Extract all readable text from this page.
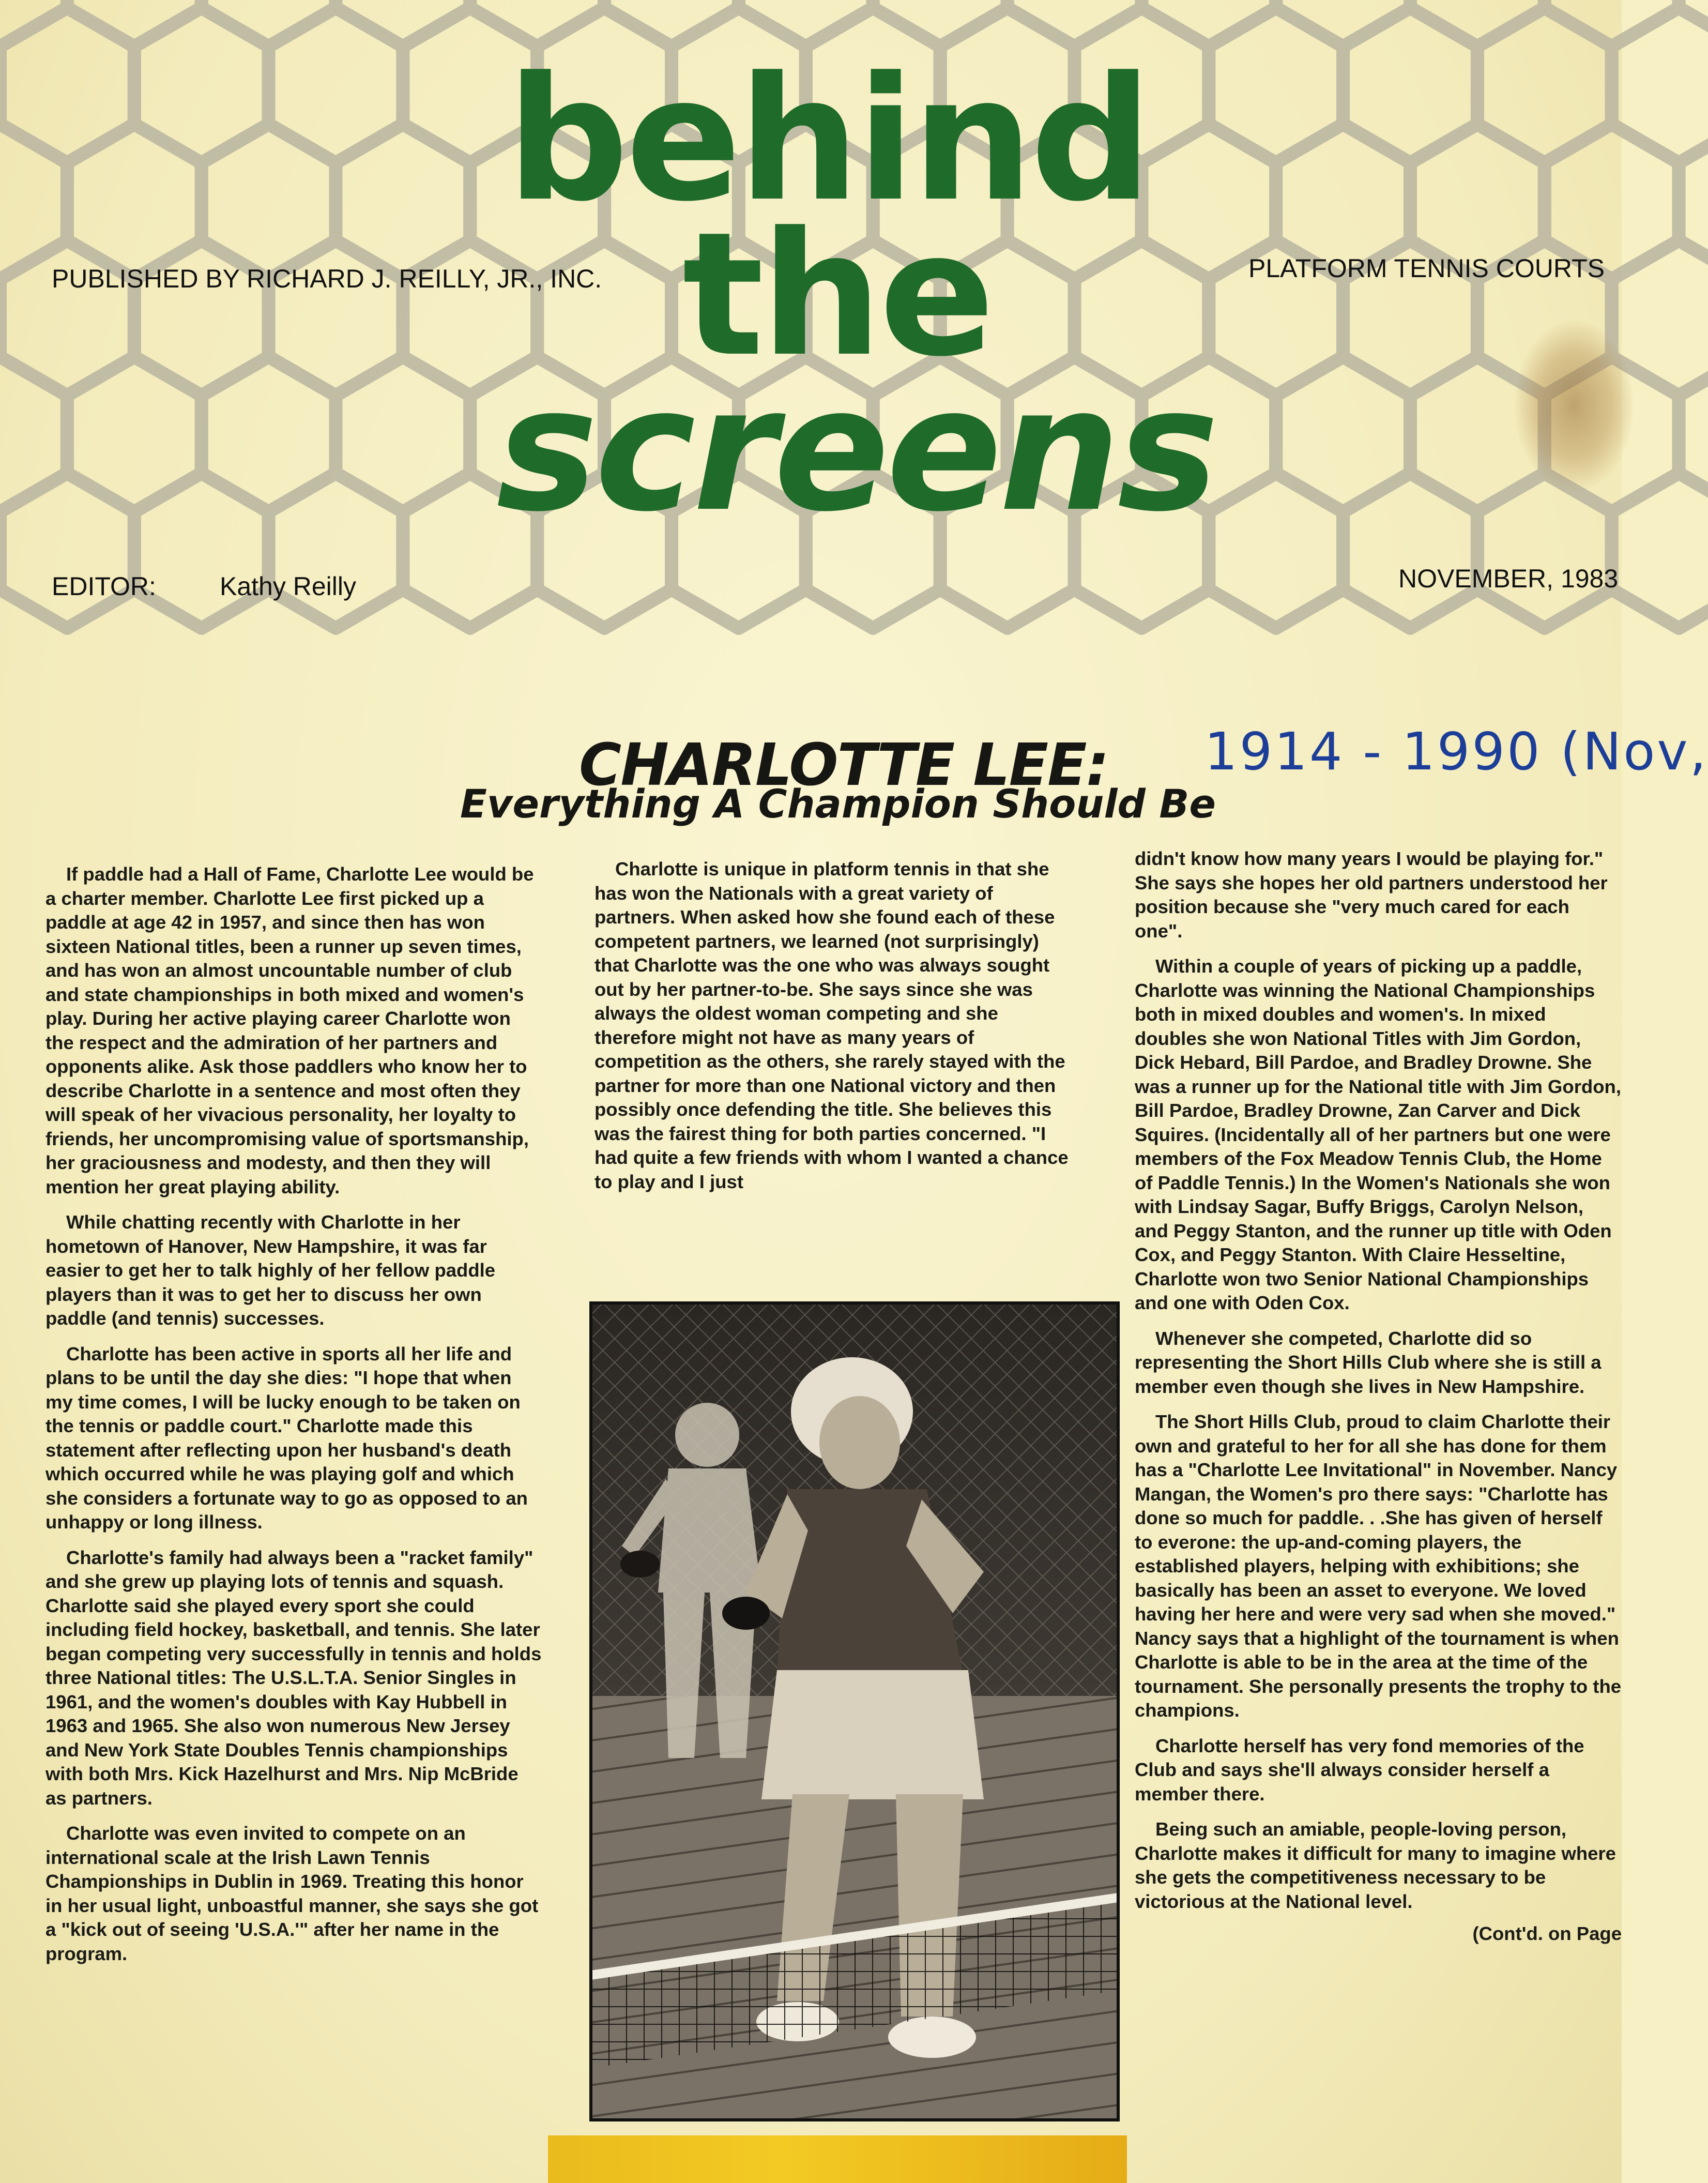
behind
the
screens
PUBLISHED BY RICHARD J. REILLY, JR., INC.	PLATFORM TENNIS COURTS
EDITOR: Kathy Reilly	NOVEMBER, 1983
1914 - 1990 (Nov,
CHARLOTTE LEE:
Everything A Champion Should Be

If paddle had a Hall of Fame, Charlotte Lee would be a charter member. Charlotte Lee first picked up a paddle at age 42 in 1957, and since then has won sixteen National titles, been a runner up seven times, and has won an almost uncountable number of club and state championships in both mixed and women's play. During her active playing career Charlotte won the respect and the admiration of her partners and opponents alike. Ask those paddlers who know her to describe Charlotte in a sentence and most often they will speak of her vivacious personality, her loyalty to friends, her uncompromising value of sportsmanship, her graciousness and modesty, and then they will mention her great playing ability.

While chatting recently with Charlotte in her hometown of Hanover, New Hampshire, it was far easier to get her to talk highly of her fellow paddle players than it was to get her to discuss her own paddle (and tennis) successes.

Charlotte has been active in sports all her life and plans to be until the day she dies: "I hope that when my time comes, I will be lucky enough to be taken on the tennis or paddle court." Charlotte made this statement after reflecting upon her husband's death which occurred while he was playing golf and which she considers a fortunate way to go as opposed to an unhappy or long illness.

Charlotte's family had always been a "racket family" and she grew up playing lots of tennis and squash. Charlotte said she played every sport she could including field hockey, basketball, and tennis. She later began competing very successfully in tennis and holds three National titles: The U.S.L.T.A. Senior Singles in 1961, and the women's doubles with Kay Hubbell in 1963 and 1965. She also won numerous New Jersey and New York State Doubles Tennis championships with both Mrs. Kick Hazelhurst and Mrs. Nip McBride as partners.

Charlotte was even invited to compete on an international scale at the Irish Lawn Tennis Championships in Dublin in 1969. Treating this honor in her usual light, unboastful manner, she says she got a "kick out of seeing 'U.S.A.'" after her name in the program.

Charlotte is unique in platform tennis in that she has won the Nationals with a great variety of partners. When asked how she found each of these competent partners, we learned (not surprisingly) that Charlotte was the one who was always sought out by her partner-to-be. She says since she was always the oldest woman competing and she therefore might not have as many years of competition as the others, she rarely stayed with the partner for more than one National victory and then possibly once defending the title. She believes this was the fairest thing for both parties concerned. "I had quite a few friends with whom I wanted a chance to play and I just

didn't know how many years I would be playing for." She says she hopes her old partners understood her position because she "very much cared for each one".

Within a couple of years of picking up a paddle, Charlotte was winning the National Championships both in mixed doubles and women's. In mixed doubles she won National Titles with Jim Gordon, Dick Hebard, Bill Pardoe, and Bradley Drowne. She was a runner up for the National title with Jim Gordon, Bill Pardoe, Bradley Drowne, Zan Carver and Dick Squires. (Incidentally all of her partners but one were members of the Fox Meadow Tennis Club, the Home of Paddle Tennis.) In the Women's Nationals she won with Lindsay Sagar, Buffy Briggs, Carolyn Nelson, and Peggy Stanton, and the runner up title with Oden Cox, and Peggy Stanton. With Claire Hesseltine, Charlotte won two Senior National Championships and one with Oden Cox.

Whenever she competed, Charlotte did so representing the Short Hills Club where she is still a member even though she lives in New Hampshire.

The Short Hills Club, proud to claim Charlotte their own and grateful to her for all she has done for them has a "Charlotte Lee Invitational" in November. Nancy Mangan, the Women's pro there says: "Charlotte has done so much for paddle. . .She has given of herself to everone: the up-and-coming players, the established players, helping with exhibitions; she basically has been an asset to everyone. We loved having her here and were very sad when she moved." Nancy says that a highlight of the tournament is when Charlotte is able to be in the area at the time of the tournament. She personally presents the trophy to the champions.

Charlotte herself has very fond memories of the Club and says she'll always consider herself a member there.

Being such an amiable, people-loving person, Charlotte makes it difficult for many to imagine where she gets the competitiveness necessary to be victorious at the National level.

(Cont'd. on Page
